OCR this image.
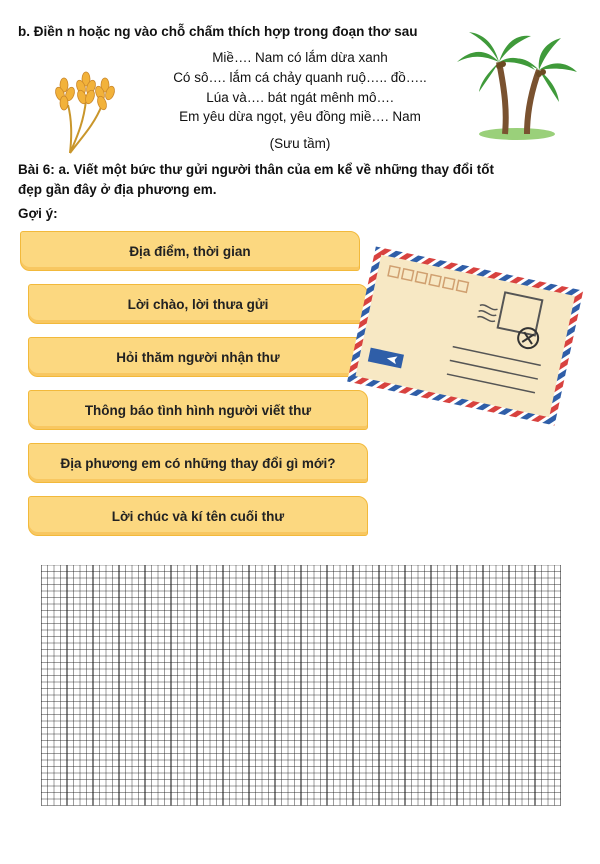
b. Điền n hoặc ng vào chỗ chấm thích hợp trong đoạn thơ sau
Miề…. Nam có lắm dừa xanh
Có sô…. lắm cá chảy quanh ruộ….. đồ…..
Lúa và…. bát ngát mênh mô….
Em yêu dừa ngọt, yêu đồng miề…. Nam
(Sưu tầm)
Bài 6: a. Viết một bức thư gửi người thân của em kể về những thay đổi tốt
đẹp gần đây ở địa phương em.
Gợi ý:
Địa điểm, thời gian
Lời chào, lời thưa gửi
Hỏi thăm người nhận thư
Thông báo tình hình người viết thư
Địa phương em có những thay đổi gì mới?
Lời chúc và kí tên cuối thư
